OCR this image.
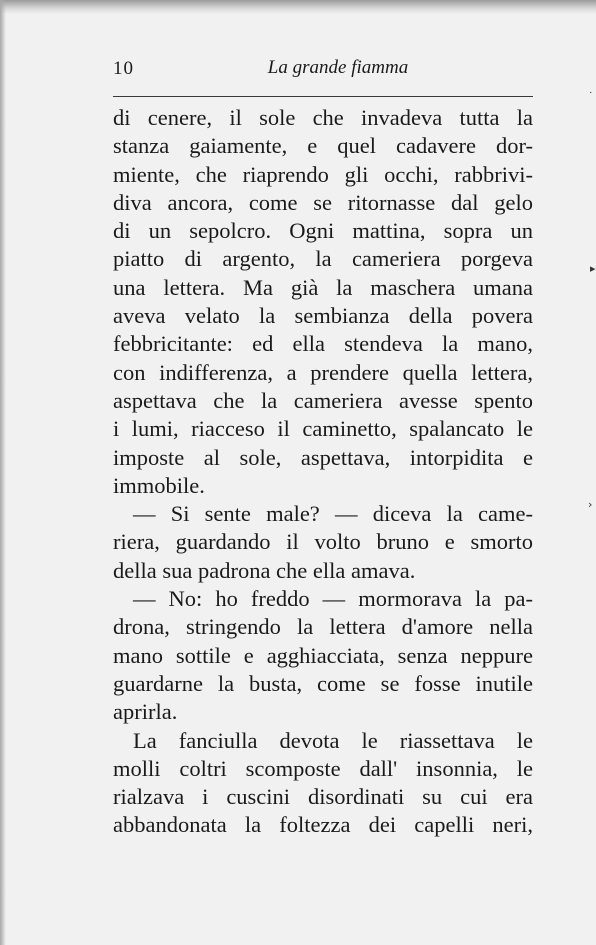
10	La grande fiamma
di cenere, il sole che invadeva tutta la
stanza gaiamente, e quel cadavere dor-
miente, che riaprendo gli occhi, rabbrivi-
diva ancora, come se ritornasse dal gelo
di un sepolcro. Ogni mattina, sopra un
piatto di argento, la cameriera porgeva
una lettera. Ma già la maschera umana
aveva velato la sembianza della povera
febbricitante: ed ella stendeva la mano,
con indifferenza, a prendere quella lettera,
aspettava che la cameriera avesse spento
i lumi, riacceso il caminetto, spalancato le
imposte al sole, aspettava, intorpidita e
immobile.
— Si sente male? — diceva la came-
riera, guardando il volto bruno e smorto
della sua padrona che ella amava.
— No: ho freddo — mormorava la pa-
drona, stringendo la lettera d'amore nella
mano sottile e agghiacciata, senza neppure
guardarne la busta, come se fosse inutile
aprirla.
La fanciulla devota le riassettava le
molli coltri scomposte dall' insonnia, le
rialzava i cuscini disordinati su cui era
abbandonata la foltezza dei capelli neri,
˙
▸
›
